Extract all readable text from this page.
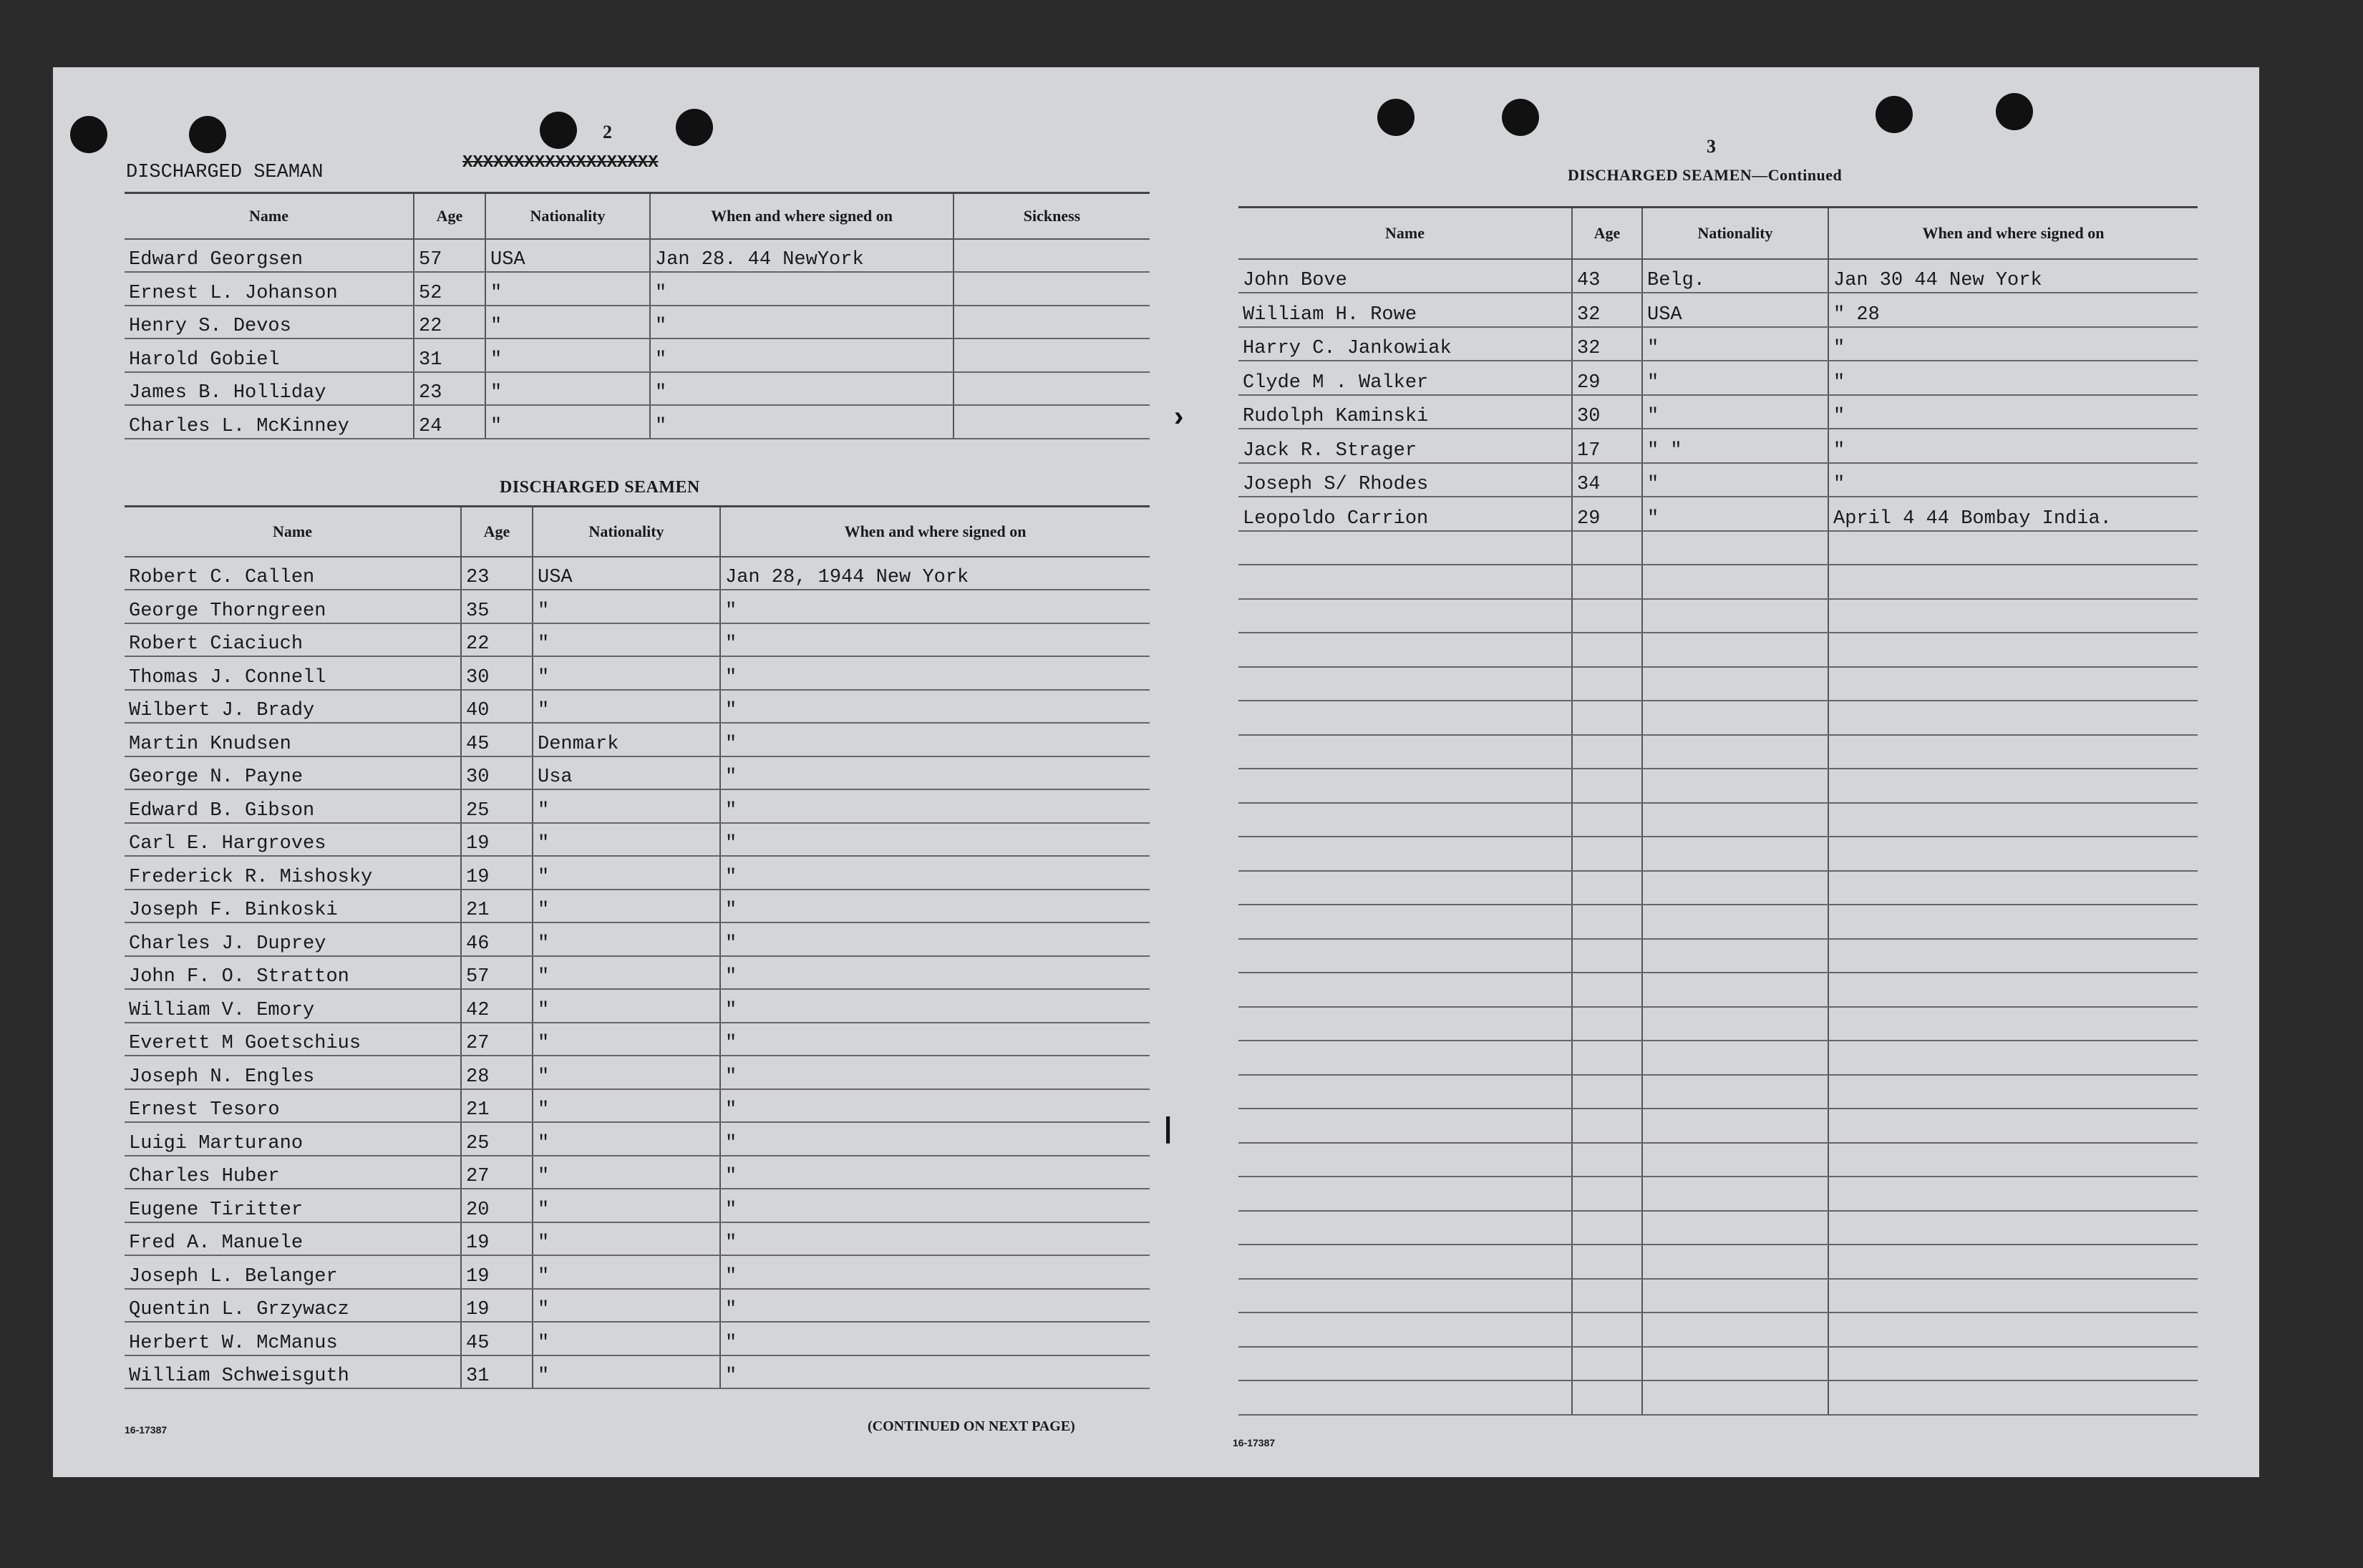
2
XXXXXXXXXXXXXXXXXXX
DISCHARGED SEAMAN
Name	Age	Nationality	When and where signed on	Sickness
Edward Georgsen	57	USA	Jan 28. 44 NewYork	
Ernest L. Johanson	52	"	"	
Henry S. Devos	22	"	"	
Harold Gobiel	31	"	"	
James B. Holliday	23	"	"	
Charles L. McKinney	24	"	"	
DISCHARGED SEAMEN
Name	Age	Nationality	When and where signed on
Robert C. Callen	23	USA	Jan 28, 1944 New York
George Thorngreen	35	"	"
Robert Ciaciuch	22	"	"
Thomas J. Connell	30	"	"
Wilbert J. Brady	40	"	"
Martin Knudsen	45	Denmark	"
George N. Payne	30	Usa	"
Edward B. Gibson	25	"	"
Carl E. Hargroves	19	"	"
Frederick R. Mishosky	19	"	"
Joseph F. Binkoski	21	"	"
Charles J. Duprey	46	"	"
John F. O. Stratton	57	"	"
William V. Emory	42	"	"
Everett M Goetschius	27	"	"
Joseph N. Engles	28	"	"
Ernest Tesoro	21	"	"
Luigi Marturano	25	"	"
Charles Huber	27	"	"
Eugene Tiritter	20	"	"
Fred A. Manuele	19	"	"
Joseph L. Belanger	19	"	"
Quentin L. Grzywacz	19	"	"
Herbert W. McManus	45	"	"
William Schweisguth	31	"	"
16-17387	(CONTINUED ON NEXT PAGE)
›
|
3
DISCHARGED SEAMEN—Continued
Name	Age	Nationality	When and where signed on
John Bove	43	Belg.	Jan 30 44 New York
William H. Rowe	32	USA	" 28
Harry C. Jankowiak	32	"	"
Clyde M . Walker	29	"	"
Rudolph Kaminski	30	"	"
Jack R. Strager	17	" "	"
Joseph S/ Rhodes	34	"	"
Leopoldo Carrion	29	"	April 4 44 Bombay India.

16-17387
